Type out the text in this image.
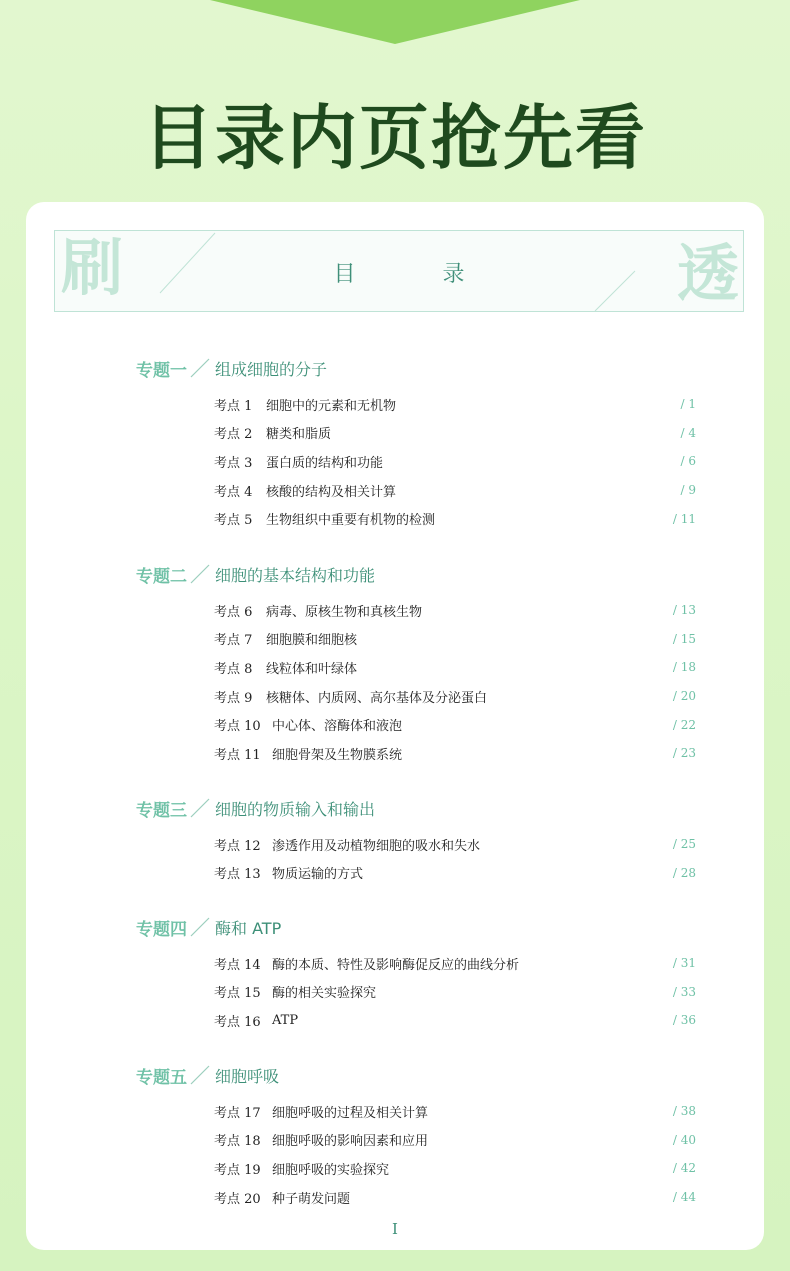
目录内页抢先看
刷	目 录	透
专题一 组成细胞的分子
考点 1	细胞中的元素和无机物	/ 1
考点 2	糖类和脂质	/ 4
考点 3	蛋白质的结构和功能	/ 6
考点 4	核酸的结构及相关计算	/ 9
考点 5	生物组织中重要有机物的检测	/ 11
专题二 细胞的基本结构和功能
考点 6	病毒、原核生物和真核生物	/ 13
考点 7	细胞膜和细胞核	/ 15
考点 8	线粒体和叶绿体	/ 18
考点 9	核糖体、内质网、高尔基体及分泌蛋白	/ 20
考点 10 中心体、溶酶体和液泡	/ 22
考点 11 细胞骨架及生物膜系统	/ 23
专题三 细胞的物质输入和输出
考点 12 渗透作用及动植物细胞的吸水和失水	/ 25
考点 13 物质运输的方式	/ 28
专题四 酶和 ATP
考点 14 酶的本质、特性及影响酶促反应的曲线分析	/ 31
考点 15 酶的相关实验探究	/ 33
考点 16 ATP	/ 36
专题五 细胞呼吸
考点 17 细胞呼吸的过程及相关计算	/ 38
考点 18 细胞呼吸的影响因素和应用	/ 40
考点 19 细胞呼吸的实验探究	/ 42
考点 20 种子萌发问题	/ 44
I
